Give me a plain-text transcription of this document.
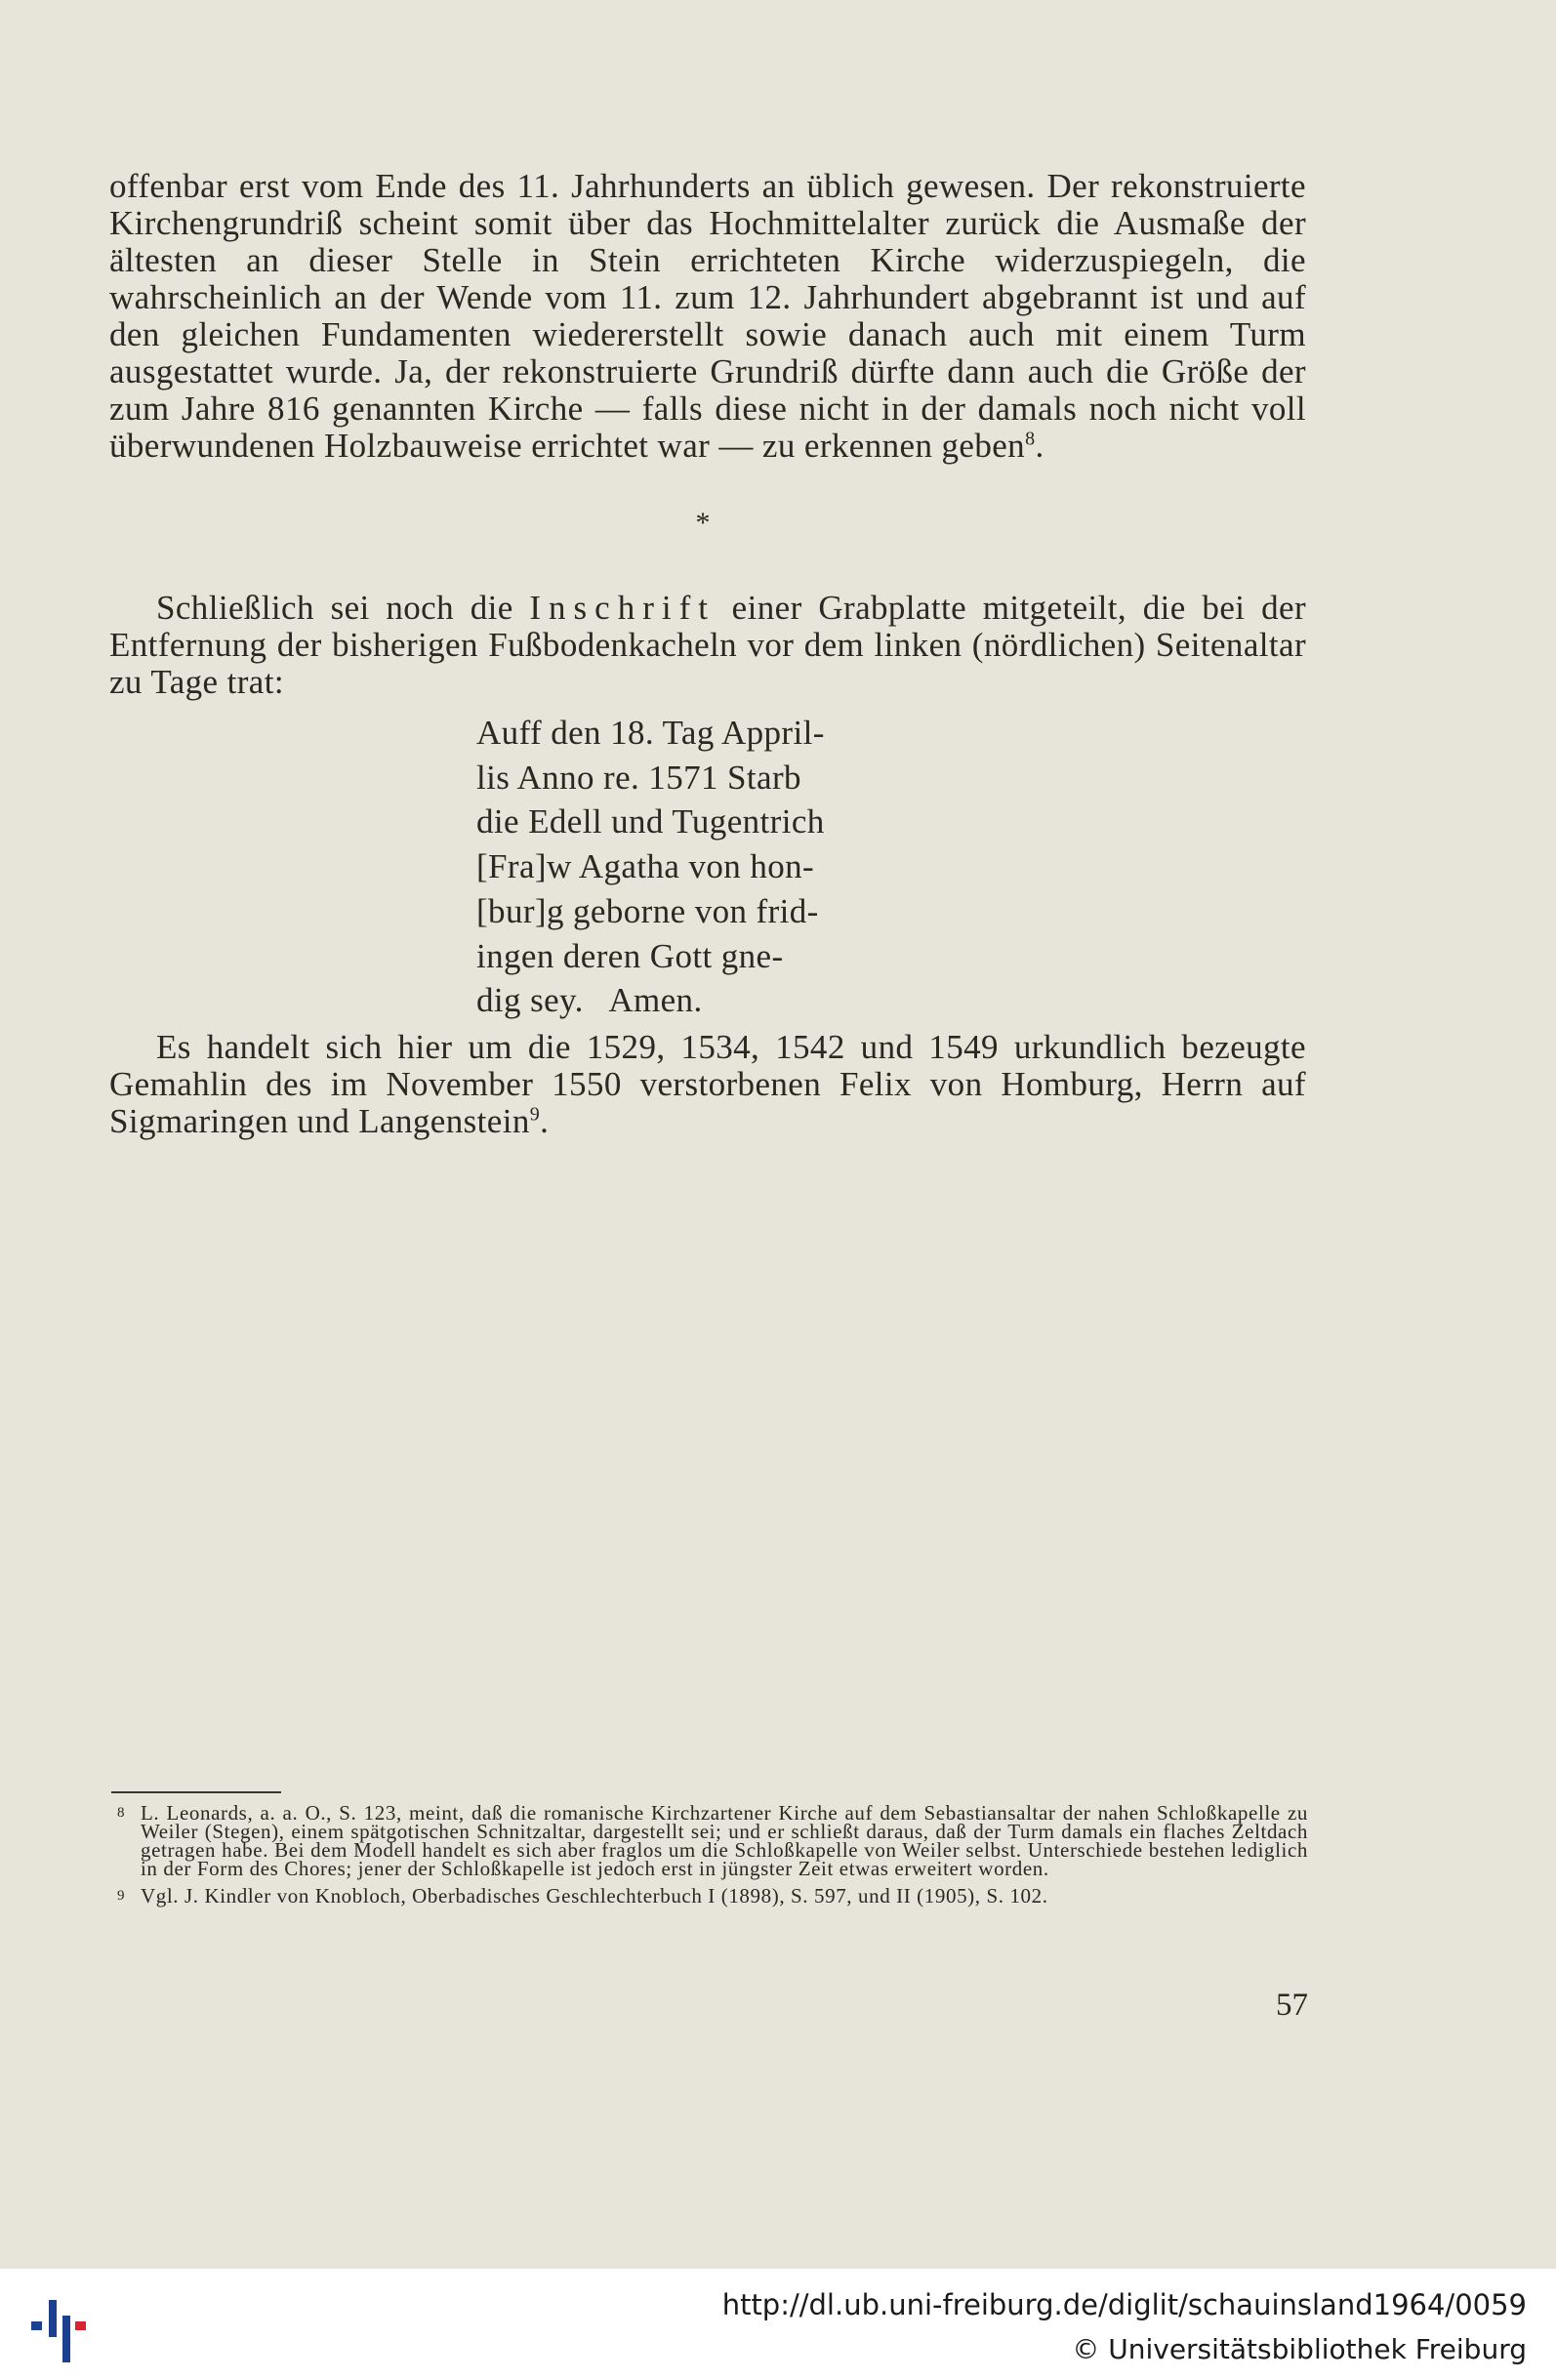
offenbar erst vom Ende des 11. Jahrhunderts an üblich gewesen. Der rekonstruierte Kirchengrundriß scheint somit über das Hochmittelalter zurück die Ausmaße der ältesten an dieser Stelle in Stein errichteten Kirche widerzuspiegeln, die wahrscheinlich an der Wende vom 11. zum 12. Jahrhundert abgebrannt ist und auf den gleichen Fundamenten wiedererstellt sowie danach auch mit einem Turm ausgestattet wurde. Ja, der rekonstruierte Grundriß dürfte dann auch die Größe der zum Jahre 816 genannten Kirche — falls diese nicht in der damals noch nicht voll überwundenen Holzbauweise errichtet war — zu erkennen geben$^8$.

*

Schließlich sei noch die Inschrift einer Grabplatte mitgeteilt, die bei der Entfernung der bisherigen Fußbodenkacheln vor dem linken (nördlichen) Seitenaltar zu Tage trat:

Auff den 18. Tag Appril-
lis Anno re. 1571 Starb
die Edell und Tugentrich
[Fra]w Agatha von hon-
[bur]g geborne von frid-
ingen deren Gott gne-
dig sey.   Amen.

Es handelt sich hier um die 1529, 1534, 1542 und 1549 urkundlich bezeugte Gemahlin des im November 1550 verstorbenen Felix von Homburg, Herrn auf Sigmaringen und Langenstein$^9$.

8 L. Leonards, a. a. O., S. 123, meint, daß die romanische Kirchzartener Kirche auf dem Sebastiansaltar der nahen Schloßkapelle zu Weiler (Stegen), einem spätgotischen Schnitzaltar, dargestellt sei; und er schließt daraus, daß der Turm damals ein flaches Zeltdach getragen habe. Bei dem Modell handelt es sich aber fraglos um die Schloßkapelle von Weiler selbst. Unterschiede bestehen lediglich in der Form des Chores; jener der Schloßkapelle ist jedoch erst in jüngster Zeit etwas erweitert worden.
9 Vgl. J. Kindler von Knobloch, Oberbadisches Geschlechterbuch I (1898), S. 597, und II (1905), S. 102.
57
http://dl.ub.uni-freiburg.de/diglit/schauinsland1964/0059
© Universitätsbibliothek Freiburg
